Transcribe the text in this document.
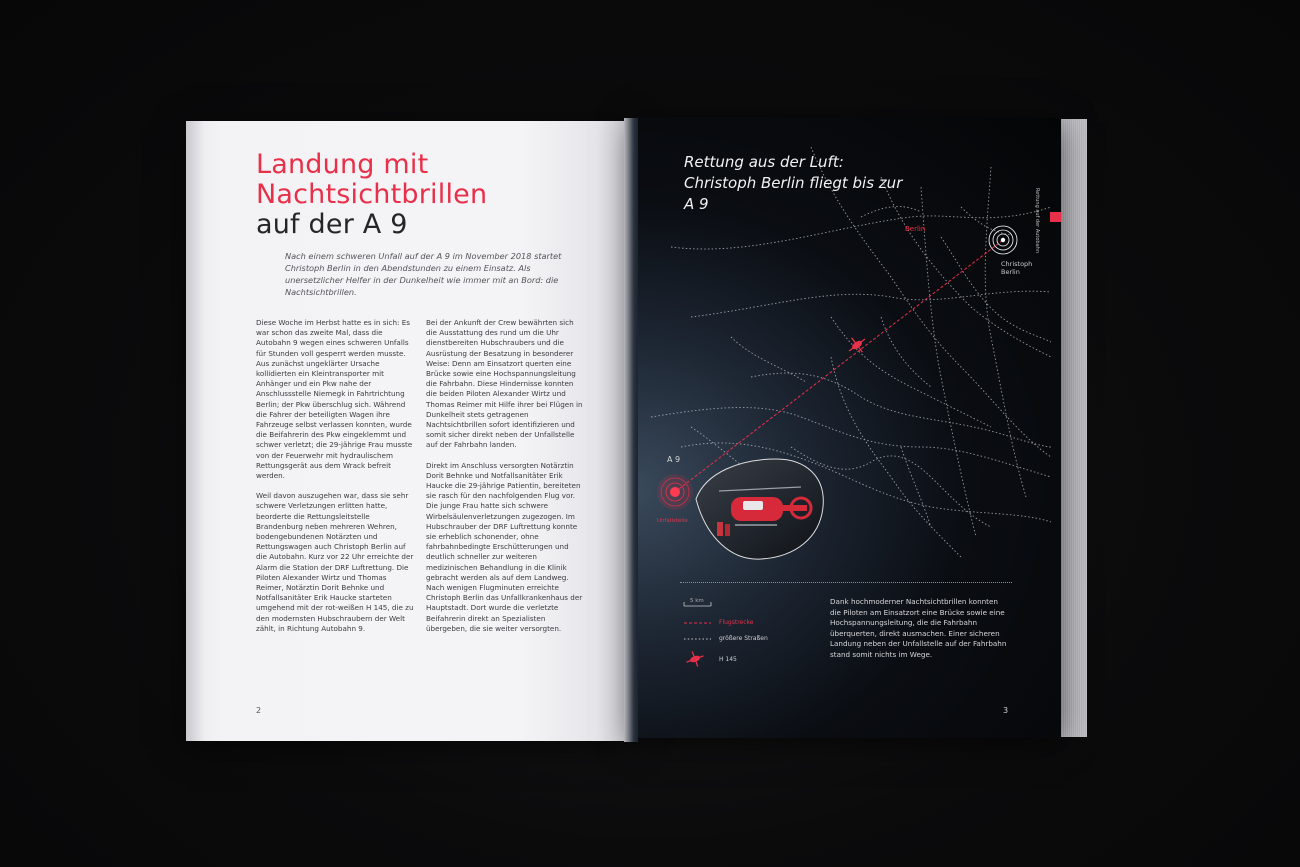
Landung mit
Nachtsichtbrillen
auf der A 9
Nach einem schweren Unfall auf der A 9 im November 2018 startet Christoph Berlin in den Abendstunden zu einem Einsatz. Als unersetzlicher Helfer in der Dunkelheit wie immer mit an Bord: die Nachtsichtbrillen.

Diese Woche im Herbst hatte es in sich: Es war schon das zweite Mal, dass die Autobahn 9 wegen eines schweren Unfalls für Stunden voll gesperrt werden musste. Aus zunächst ungeklärter Ursache kollidierten ein Kleintransporter mit Anhänger und ein Pkw nahe der Anschlussstelle Niemegk in Fahrtrichtung Berlin; der Pkw überschlug sich. Während die Fahrer der beteiligten Wagen ihre Fahrzeuge selbst verlassen konnten, wurde die Beifahrerin des Pkw eingeklemmt und schwer verletzt; die 29-jährige Frau musste von der Feuerwehr mit hydraulischem Rettungsgerät aus dem Wrack befreit werden.

Weil davon auszugehen war, dass sie sehr schwere Verletzungen erlitten hatte, beorderte die Rettungsleitstelle Brandenburg neben mehreren Wehren, bodengebundenen Notärzten und Rettungswagen auch Christoph Berlin auf die Autobahn. Kurz vor 22 Uhr erreichte der Alarm die Station der DRF Luftrettung. Die Piloten Alexander Wirtz und Thomas Reimer, Notärztin Dorit Behnke und Notfallsanitäter Erik Haucke starteten umgehend mit der rot-weißen H 145, die zu den modernsten Hubschraubern der Welt zählt, in Richtung Autobahn 9.

Bei der Ankunft der Crew bewährten sich die Ausstattung des rund um die Uhr dienstbereiten Hubschraubers und die Ausrüstung der Besatzung in besonderer Weise: Denn am Einsatzort querten eine Brücke sowie eine Hochspannungsleitung die Fahrbahn. Diese Hindernisse konnten die beiden Piloten Alexander Wirtz und Thomas Reimer mit Hilfe ihrer bei Flügen in Dunkelheit stets getragenen Nachtsichtbrillen sofort identifizieren und somit sicher direkt neben der Unfallstelle auf der Fahrbahn landen.

Direkt im Anschluss versorgten Notärztin Dorit Behnke und Notfallsanitäter Erik Haucke die 29-jährige Patientin, bereiteten sie rasch für den nachfolgenden Flug vor. Die junge Frau hatte sich schwere Wirbelsäulenverletzungen zugezogen. Im Hubschrauber der DRF Luftrettung konnte sie erheblich schonender, ohne fahrbahnbedingte Erschütterungen und deutlich schneller zur weiteren medizinischen Behandlung in die Klinik gebracht werden als auf dem Landweg. Nach wenigen Flugminuten erreichte Christoph Berlin das Unfallkrankenhaus der Hauptstadt. Dort wurde die verletzte Beifahrerin direkt an Spezialisten übergeben, die sie weiter versorgten.

2
Rettung aus der Luft: Christoph Berlin fliegt bis zur A 9	Rettung auf der Autobahn
Berlin
Christoph Berlin
A 9
Unfallstelle
5 km
Flugstrecke
größere Straßen
H 145
Dank hochmoderner Nachtsichtbrillen konnten die Piloten am Einsatzort eine Brücke sowie eine Hochspannungsleitung, die die Fahrbahn überquerten, direkt ausmachen. Einer sicheren Landung neben der Unfallstelle auf der Fahrbahn stand somit nichts im Wege.
3
